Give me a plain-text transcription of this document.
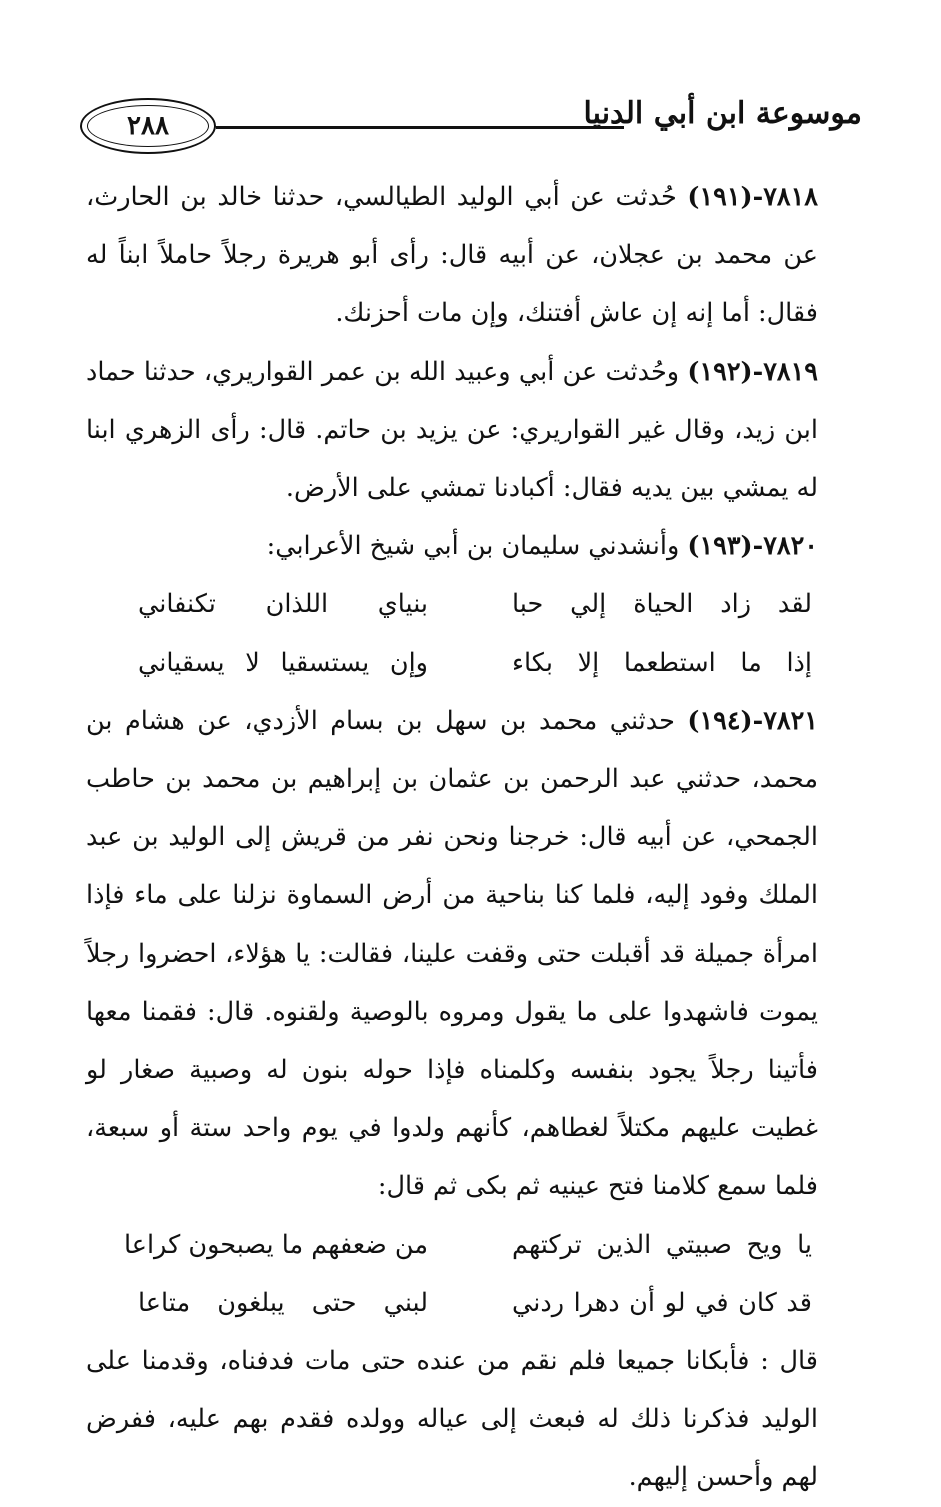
٢٨٨	موسوعة ابن أبي الدنيا

٧٨١٨-(١٩١) حُدثت عن أبي الوليد الطيالسي، حدثنا خالد بن الحارث، عن محمد بن عجلان، عن أبيه قال: رأى أبو هريرة رجلاً حاملاً ابناً له فقال: أما إنه إن عاش أفتنك، وإن مات أحزنك.

٧٨١٩-(١٩٢) وحُدثت عن أبي وعبيد الله بن عمر القواريري، حدثنا حماد ابن زيد، وقال غير القواريري: عن يزيد بن حاتم. قال: رأى الزهري ابنا له يمشي بين يديه فقال: أكبادنا تمشي على الأرض.

٧٨٢٠-(١٩٣) وأنشدني سليمان بن أبي شيخ الأعرابي:

لقد زاد الحياة إلي حبا
بنياي اللذان تكنفاني
إذا ما استطعما إلا بكاء
وإن يستسقيا لا يسقياني

٧٨٢١-(١٩٤) حدثني محمد بن سهل بن بسام الأزدي، عن هشام بن محمد، حدثني عبد الرحمن بن عثمان بن إبراهيم بن محمد بن حاطب الجمحي، عن أبيه قال: خرجنا ونحن نفر من قريش إلى الوليد بن عبد الملك وفود إليه، فلما كنا بناحية من أرض السماوة نزلنا على ماء فإذا امرأة جميلة قد أقبلت حتى وقفت علينا، فقالت: يا هؤلاء، احضروا رجلاً يموت فاشهدوا على ما يقول ومروه بالوصية ولقنوه. قال: فقمنا معها فأتينا رجلاً يجود بنفسه وكلمناه فإذا حوله بنون له وصبية صغار لو غطيت عليهم مكتلاً لغطاهم، كأنهم ولدوا في يوم واحد ستة أو سبعة، فلما سمع كلامنا فتح عينيه ثم بكى ثم قال:

يا ويح صبيتي الذين تركتهم
من ضعفهم ما يصبحون كراعا
قد كان في لو أن دهرا ردني
لبني حتى يبلغون متاعا

قال : فأبكانا جميعا فلم نقم من عنده حتى مات فدفناه، وقدمنا على الوليد فذكرنا ذلك له فبعث إلى عياله وولده فقدم بهم عليه، ففرض لهم وأحسن إليهم.
